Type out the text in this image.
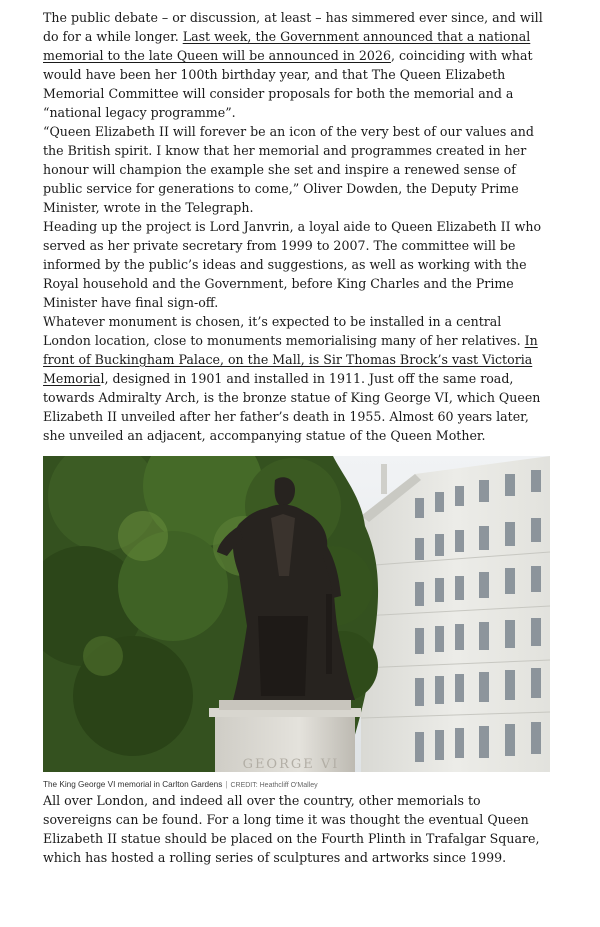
The public debate – or discussion, at least – has simmered ever since, and will do for a while longer. Last week, the Government announced that a national memorial to the late Queen will be announced in 2026, coinciding with what would have been her 100th birthday year, and that The Queen Elizabeth Memorial Committee will consider proposals for both the memorial and a “national legacy programme”.

“Queen Elizabeth II will forever be an icon of the very best of our values and the British spirit. I know that her memorial and programmes created in her honour will champion the example she set and inspire a renewed sense of public service for generations to come,” Oliver Dowden, the Deputy Prime Minister, wrote in the Telegraph.

Heading up the project is Lord Janvrin, a loyal aide to Queen Elizabeth II who served as her private secretary from 1999 to 2007. The committee will be informed by the public’s ideas and suggestions, as well as working with the Royal household and the Government, before King Charles and the Prime Minister have final sign-off.

Whatever monument is chosen, it’s expected to be installed in a central London location, close to monuments memorialising many of her relatives. In front of Buckingham Palace, on the Mall, is Sir Thomas Brock’s vast Victoria Memorial, designed in 1901 and installed in 1911. Just off the same road, towards Admiralty Arch, is the bronze statue of King George VI, which Queen Elizabeth II unveiled after her father’s death in 1955. Almost 60 years later, she unveiled an adjacent, accompanying statue of the Queen Mother.

GEORGE VI
The King George VI memorial in Carlton Gardens | CREDIT: Heathcliff O'Malley

All over London, and indeed all over the country, other memorials to sovereigns can be found. For a long time it was thought the eventual Queen Elizabeth II statue should be placed on the Fourth Plinth in Trafalgar Square, which has hosted a rolling series of sculptures and artworks since 1999.
